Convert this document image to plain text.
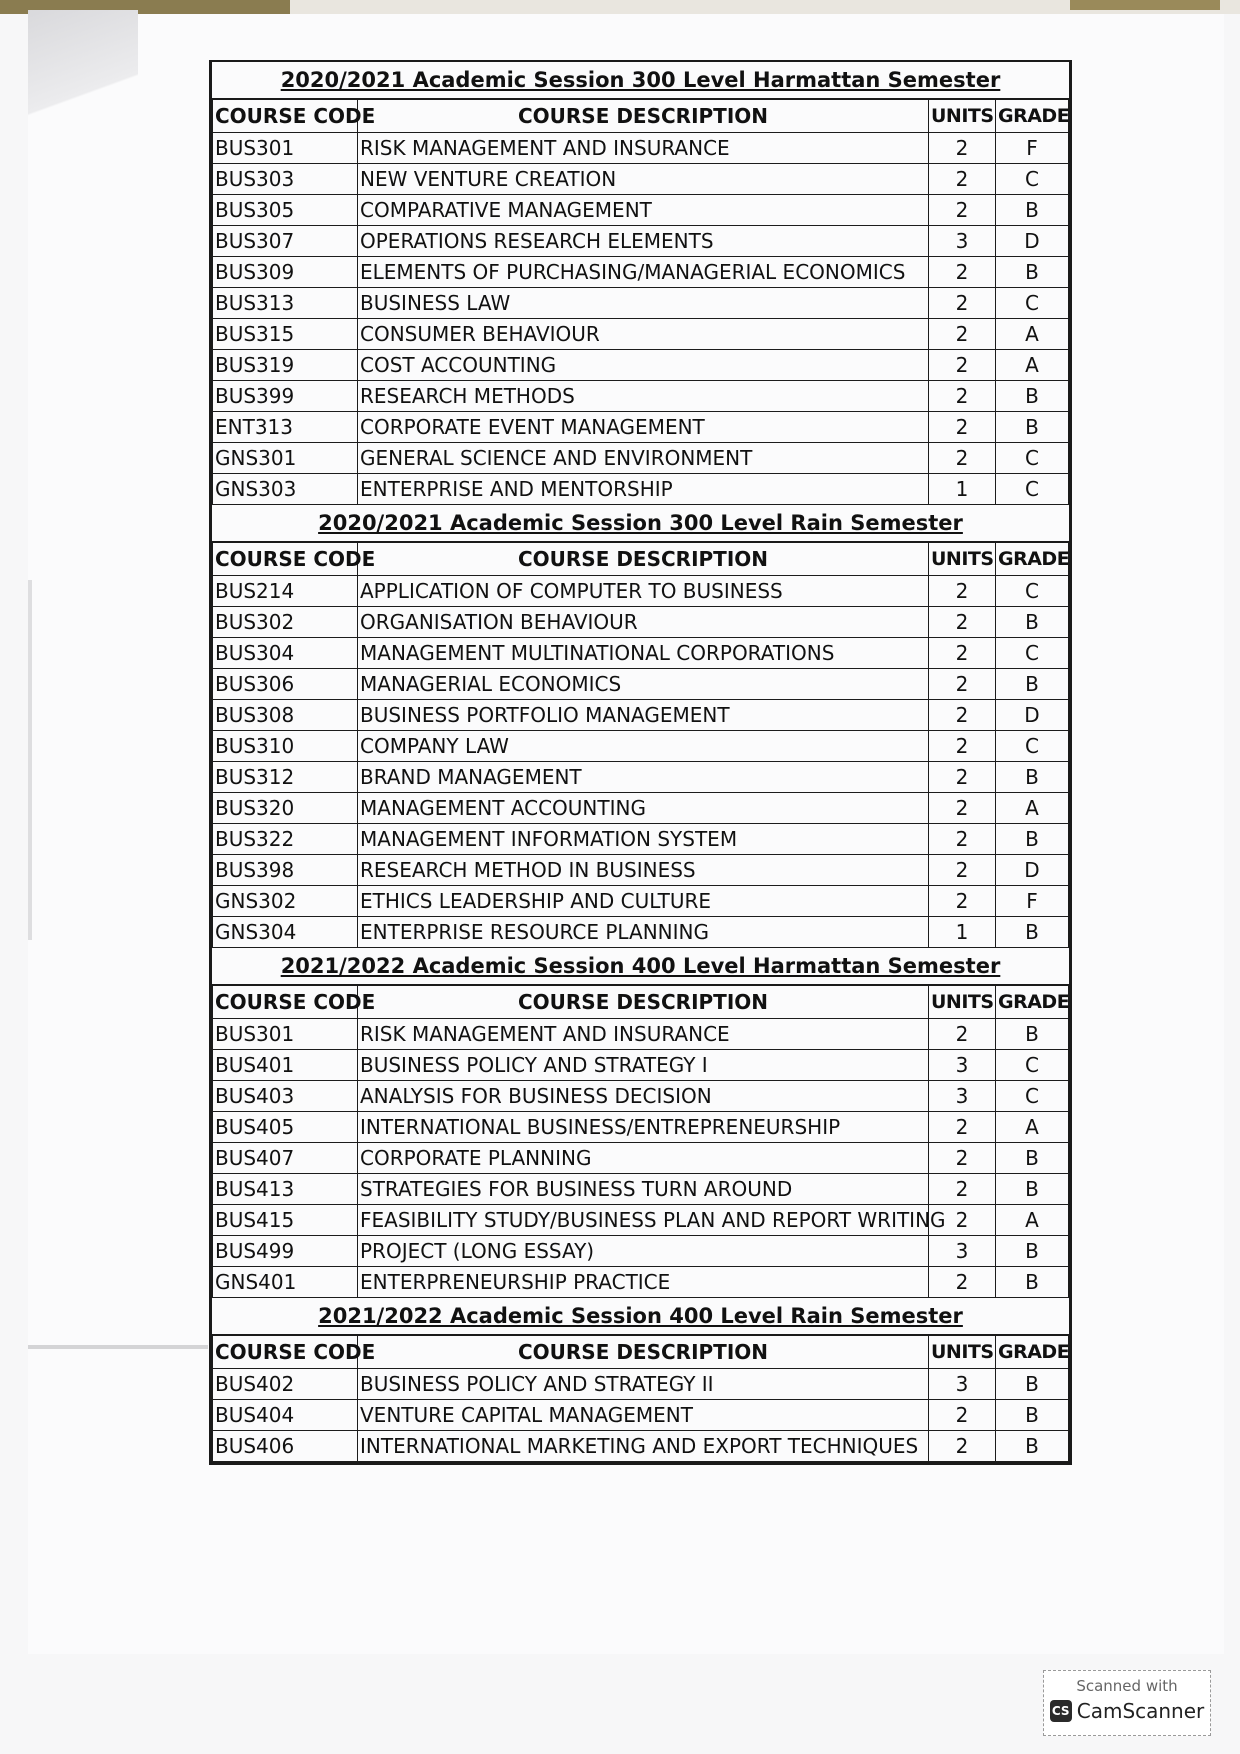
2020/2021 Academic Session 300 Level Harmattan Semester
COURSE CODE	COURSE DESCRIPTION	UNITS	GRADE
BUS301	RISK MANAGEMENT AND INSURANCE	2	F
BUS303	NEW VENTURE CREATION	2	C
BUS305	COMPARATIVE MANAGEMENT	2	B
BUS307	OPERATIONS RESEARCH ELEMENTS	3	D
BUS309	ELEMENTS OF PURCHASING/MANAGERIAL ECONOMICS	2	B
BUS313	BUSINESS LAW	2	C
BUS315	CONSUMER BEHAVIOUR	2	A
BUS319	COST ACCOUNTING	2	A
BUS399	RESEARCH METHODS	2	B
ENT313	CORPORATE EVENT MANAGEMENT	2	B
GNS301	GENERAL SCIENCE AND ENVIRONMENT	2	C
GNS303	ENTERPRISE AND MENTORSHIP	1	C
2020/2021 Academic Session 300 Level Rain Semester
COURSE CODE	COURSE DESCRIPTION	UNITS	GRADE
BUS214	APPLICATION OF COMPUTER TO BUSINESS	2	C
BUS302	ORGANISATION BEHAVIOUR	2	B
BUS304	MANAGEMENT MULTINATIONAL CORPORATIONS	2	C
BUS306	MANAGERIAL ECONOMICS	2	B
BUS308	BUSINESS PORTFOLIO MANAGEMENT	2	D
BUS310	COMPANY LAW	2	C
BUS312	BRAND MANAGEMENT	2	B
BUS320	MANAGEMENT ACCOUNTING	2	A
BUS322	MANAGEMENT INFORMATION SYSTEM	2	B
BUS398	RESEARCH METHOD IN BUSINESS	2	D
GNS302	ETHICS LEADERSHIP AND CULTURE	2	F
GNS304	ENTERPRISE RESOURCE PLANNING	1	B
2021/2022 Academic Session 400 Level Harmattan Semester
COURSE CODE	COURSE DESCRIPTION	UNITS	GRADE
BUS301	RISK MANAGEMENT AND INSURANCE	2	B
BUS401	BUSINESS POLICY AND STRATEGY I	3	C
BUS403	ANALYSIS FOR BUSINESS DECISION	3	C
BUS405	INTERNATIONAL BUSINESS/ENTREPRENEURSHIP	2	A
BUS407	CORPORATE PLANNING	2	B
BUS413	STRATEGIES FOR BUSINESS TURN AROUND	2	B
BUS415	FEASIBILITY STUDY/BUSINESS PLAN AND REPORT WRITING	2	A
BUS499	PROJECT (LONG ESSAY)	3	B
GNS401	ENTERPRENEURSHIP PRACTICE	2	B
2021/2022 Academic Session 400 Level Rain Semester
COURSE CODE	COURSE DESCRIPTION	UNITS	GRADE
BUS402	BUSINESS POLICY AND STRATEGY II	3	B
BUS404	VENTURE CAPITAL MANAGEMENT	2	B
BUS406	INTERNATIONAL MARKETING AND EXPORT TECHNIQUES	2	B
Scanned with
CS CamScanner
